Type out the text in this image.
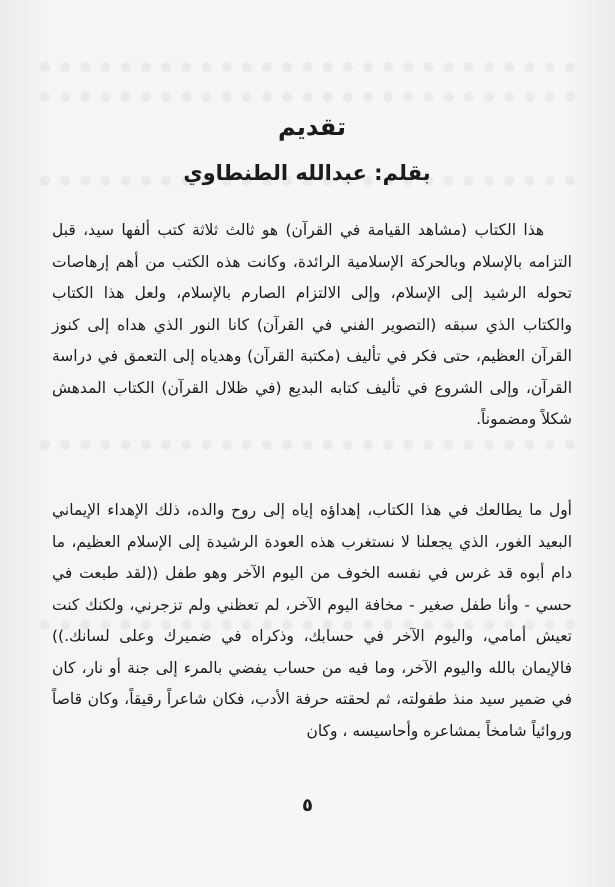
تقديم
بقلم: عبدالله الطنطاوي

هذا الكتاب (مشاهد القيامة في القرآن) هو ثالث ثلاثة كتب ألفها سيد، قبل التزامه بالإسلام وبالحركة الإسلامية الرائدة، وكانت هذه الكتب من أهم إرهاصات تحوله الرشيد إلى الإسلام، وإلى الالتزام الصارم بالإسلام، ولعل هذا الكتاب والكتاب الذي سبقه (التصوير الفني في القرآن) كانا النور الذي هداه إلى كنوز القرآن العظيم، حتى فكر في تأليف (مكتبة القرآن) وهدياه إلى التعمق في دراسة القرآن، وإلى الشروع في تأليف كتابه البديع (في ظلال القرآن) الكتاب المدهش شكلاً ومضموناً.

أول ما يطالعك في هذا الكتاب، إهداؤه إياه إلى روح والده، ذلك الإهداء الإيماني البعيد الغور، الذي يجعلنا لا نستغرب هذه العودة الرشيدة إلى الإسلام العظيم، ما دام أبوه قد غرس في نفسه الخوف من اليوم الآخر وهو طفل ((لقد طبعت في حسي - وأنا طفل صغير - مخافة اليوم الآخر، لم تعظني ولم تزجرني، ولكنك كنت تعيش أمامي، واليوم الآخر في حسابك، وذكراه في ضميرك وعلى لسانك.)) فالإيمان بالله واليوم الآخر، وما فيه من حساب يفضي بالمرء إلى جنة أو نار، كان في ضمير سيد منذ طفولته، ثم لحقته حرفة الأدب، فكان شاعراً رقيقاً، وكان قاصاً وروائياً شامخاً بمشاعره وأحاسيسه ، وكان

٥
